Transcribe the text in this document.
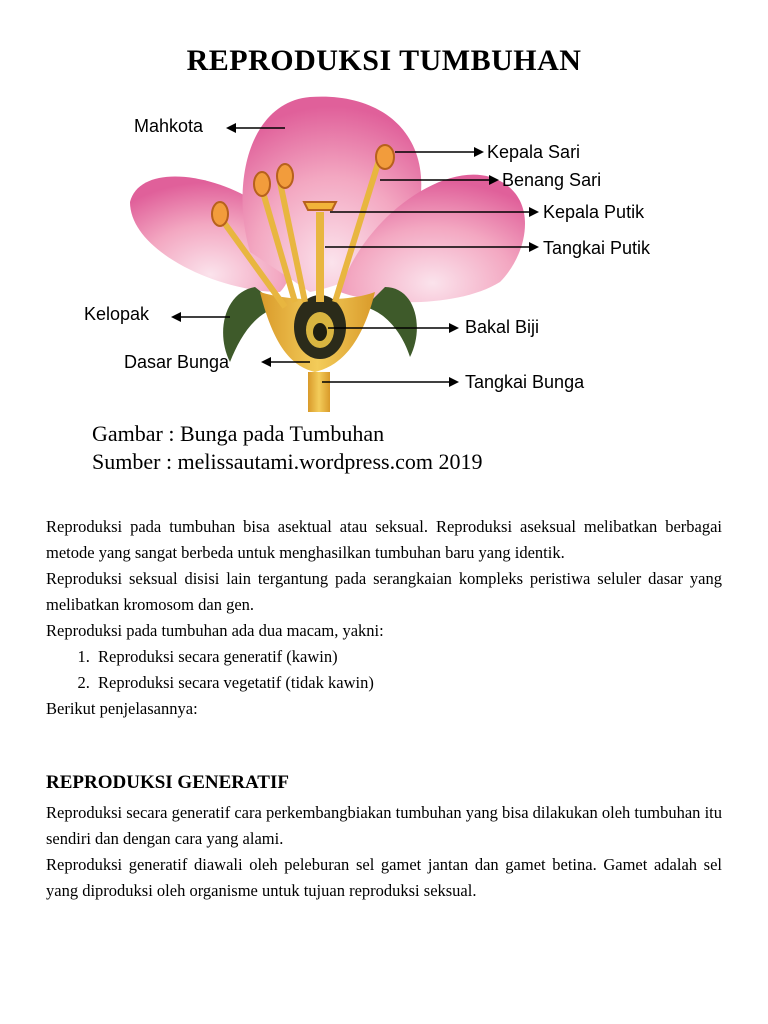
REPRODUKSI TUMBUHAN
Mahkota
Kepala Sari
Benang Sari
Kepala Putik
Tangkai Putik
Kelopak
Bakal Biji
Dasar Bunga
Tangkai Bunga
Gambar : Bunga pada Tumbuhan
Sumber : melissautami.wordpress.com 2019

Reproduksi pada tumbuhan bisa asektual atau seksual. Reproduksi aseksual melibatkan berbagai metode yang sangat berbeda untuk menghasilkan tumbuhan baru yang identik.

Reproduksi seksual disisi lain tergantung pada serangkaian kompleks peristiwa seluler dasar yang melibatkan kromosom dan gen.

Reproduksi pada tumbuhan ada dua macam, yakni:

1. Reproduksi secara generatif (kawin)
2. Reproduksi secara vegetatif (tidak kawin)

Berikut penjelasannya:

REPRODUKSI GENERATIF

Reproduksi secara generatif cara perkembangbiakan tumbuhan yang bisa dilakukan oleh tumbuhan itu sendiri dan dengan cara yang alami.

Reproduksi generatif diawali oleh peleburan sel gamet jantan dan gamet betina. Gamet adalah sel yang diproduksi oleh organisme untuk tujuan reproduksi seksual.
